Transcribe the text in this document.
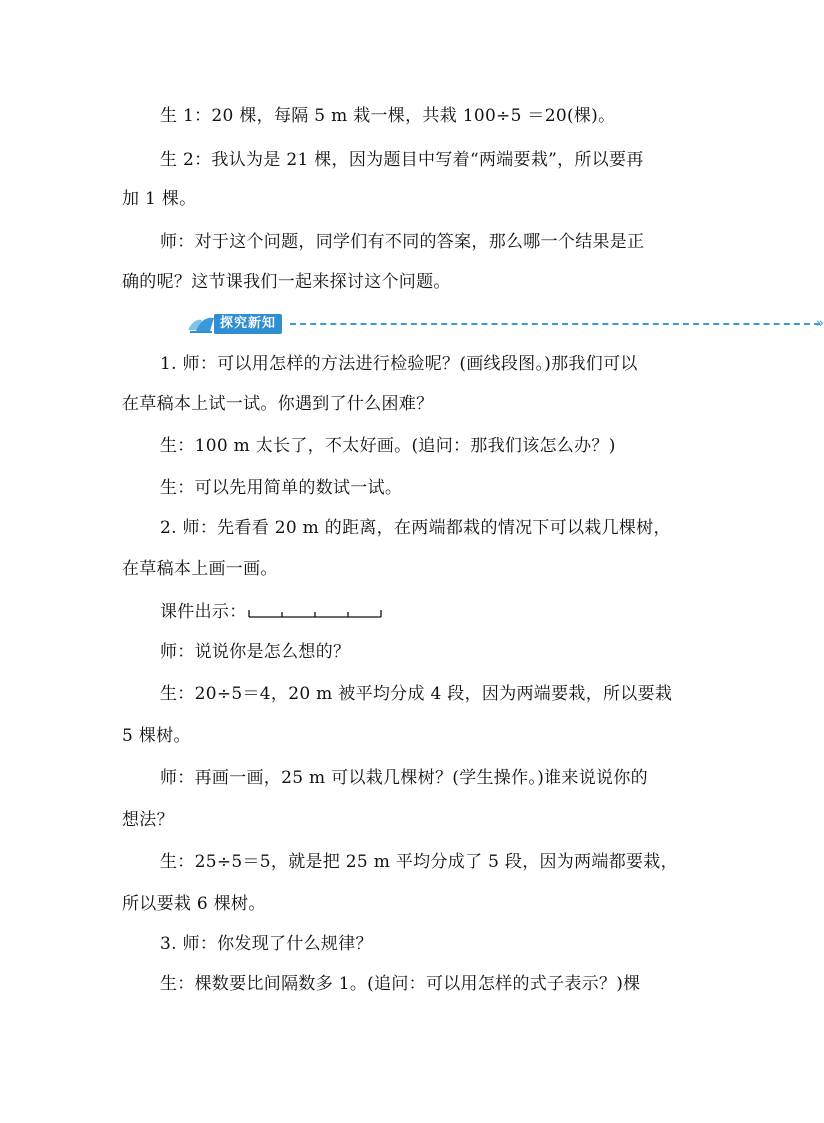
生 1：20 棵，每隔 5 m 栽一棵，共栽 100÷5 ＝20(棵)。
生 2：我认为是 21 棵，因为题目中写着“两端要栽”，所以要再
加 1 棵。
师：对于这个问题，同学们有不同的答案，那么哪一个结果是正
确的呢？这节课我们一起来探讨这个问题。
探究新知	»
1. 师：可以用怎样的方法进行检验呢？(画线段图。)那我们可以
在草稿本上试一试。你遇到了什么困难？
生：100 m 太长了，不太好画。(追问：那我们该怎么办？)
生：可以先用简单的数试一试。
2. 师：先看看 20 m 的距离，在两端都栽的情况下可以栽几棵树，
在草稿本上画一画。
课件出示：
师：说说你是怎么想的？
生：20÷5＝4，20 m 被平均分成 4 段，因为两端要栽，所以要栽
5 棵树。
师：再画一画，25 m 可以栽几棵树？(学生操作。)谁来说说你的
想法？
生：25÷5＝5，就是把 25 m 平均分成了 5 段，因为两端都要栽，
所以要栽 6 棵树。
3. 师：你发现了什么规律？
生：棵数要比间隔数多 1。(追问：可以用怎样的式子表示？)棵
